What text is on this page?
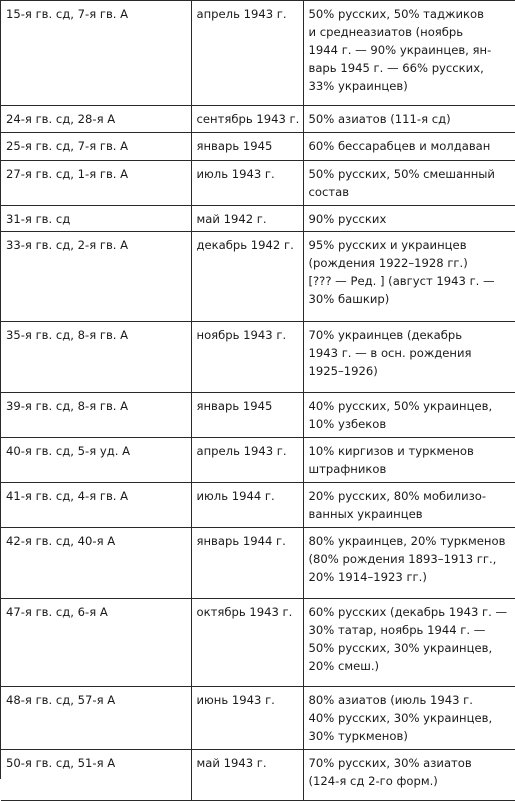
15-я гв. сд, 7-я гв. А	апрель 1943 г.	50% русских, 50% таджиков
и среднеазиатов (ноябрь
1944 г. — 90% украинцев, ян-
варь 1945 г. — 66% русских,
33% украинцев)

24-я гв. сд, 28-я А	сентябрь 1943 г.	50% азиатов (111-я сд)

25-я гв. сд, 7-я гв. А	январь 1945	60% бессарабцев и молдаван

27-я гв. сд, 1-я гв. А	июль 1943 г.	50% русских, 50% смешанный
состав

31-я гв. сд	май 1942 г.	90% русских

33-я гв. сд, 2-я гв. А	декабрь 1942 г.	95% русских и украинцев
(рождения 1922–1928 гг.)
[??? — Ред. ] (август 1943 г. —
30% башкир)

35-я гв. сд, 8-я гв. А	ноябрь 1943 г.	70% украинцев (декабрь
1943 г. — в осн. рождения
1925–1926)

39-я гв. сд, 8-я гв. А	январь 1945	40% русских, 50% украинцев,
10% узбеков

40-я гв. сд, 5-я уд. А	апрель 1943 г.	10% киргизов и туркменов
штрафников

41-я гв. сд, 4-я гв. А	июль 1944 г.	20% русских, 80% мобилизо-
ванных украинцев

42-я гв. сд, 40-я А	январь 1944 г.	80% украинцев, 20% туркменов
(80% рождения 1893–1913 гг.,
20% 1914–1923 гг.)

47-я гв. сд, 6-я А	октябрь 1943 г.	60% русских (декабрь 1943 г. —
30% татар, ноябрь 1944 г. —
50% русских, 30% украинцев,
20% смеш.)

48-я гв. сд, 57-я А	июнь 1943 г.	80% азиатов (июль 1943 г.
40% русских, 30% украинцев,
30% туркменов)

50-я гв. сд, 51-я А	май 1943 г.	70% русских, 30% азиатов
(124-я сд 2-го форм.)
